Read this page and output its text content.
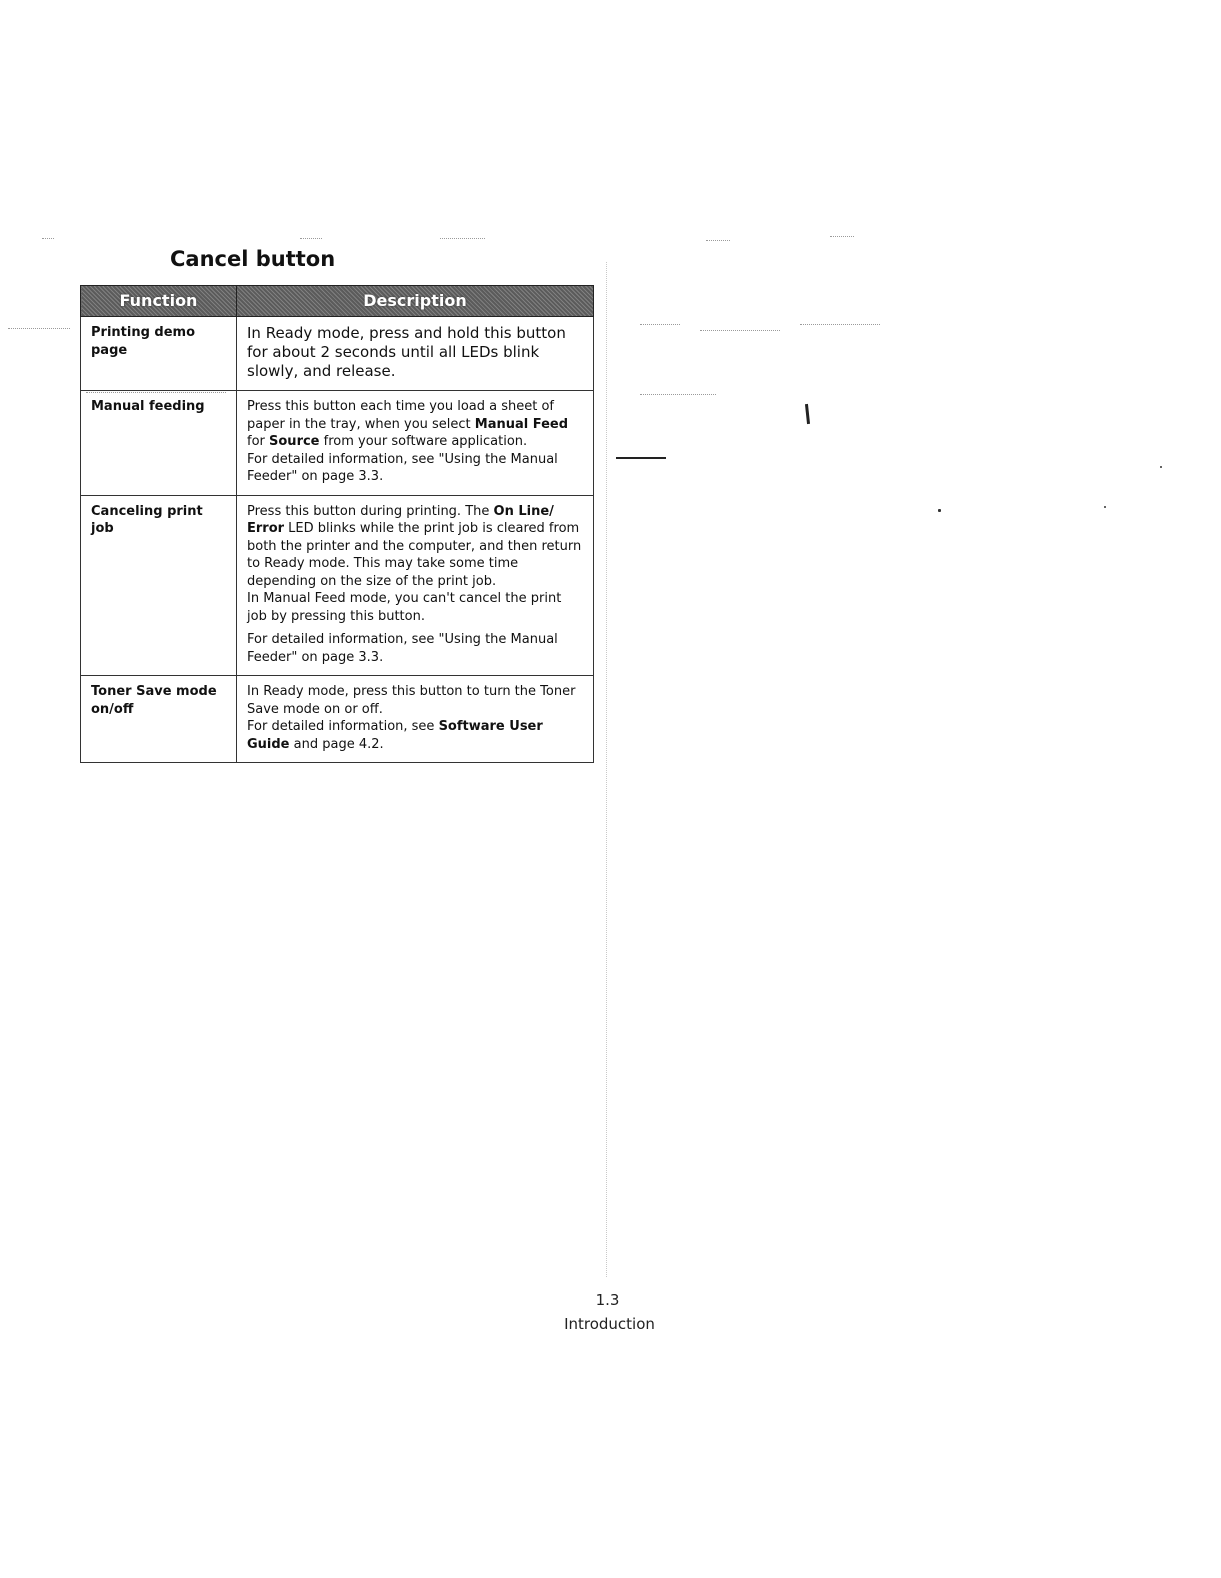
Cancel button
Function	Description
Printing demo page	In Ready mode, press and hold this button for about 2 seconds until all LEDs blink slowly, and release.

Manual feeding	Press this button each time you load a sheet of paper in the tray, when you select Manual Feed for Source from your software application.

For detailed information, see "Using the Manual Feeder" on page 3.3.

Canceling print job	Press this button during printing. The On Line/ Error LED blinks while the print job is cleared from both the printer and the computer, and then return to Ready mode. This may take some time depending on the size of the print job.

In Manual Feed mode, you can't cancel the print job by pressing this button.

For detailed information, see "Using the Manual Feeder" on page 3.3.

Toner Save mode on/off	In Ready mode, press this button to turn the Toner Save mode on or off.

For detailed information, see Software User Guide and page 4.2.

1.3
Introduction
